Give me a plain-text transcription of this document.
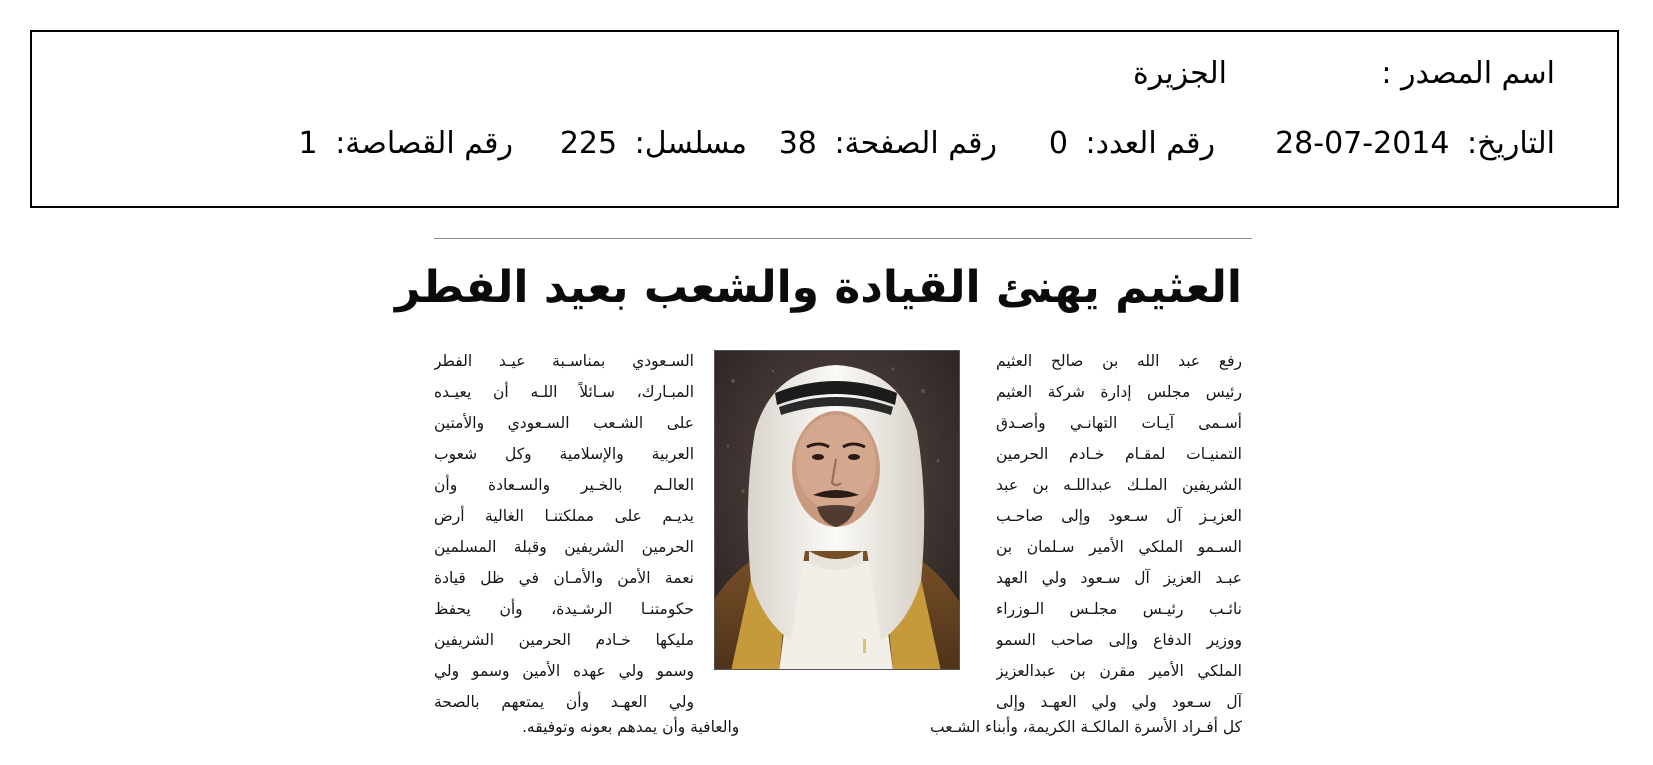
اسم المصدر :
الجزيرة
التاريخ: 2014-07-28
رقم العدد: 0
رقم الصفحة: 38
مسلسل: 225
رقم القصاصة: 1
العثيم يهنئ القيادة والشعب بعيد الفطر
رفع عبد الله بن صالح العثيم
رئيس مجلس إدارة شركة العثيم
أسـمى آيـات التهانـي وأصـدق
التمنيـات لمقـام خـادم الحرمين
الشريفين الملـك عبداللـه بن عبد
العزيـز آل سـعود وإلى صاحـب
السـمو الملكي الأمير سـلمان بن
عبـد العزيز آل سـعود ولي العهد
نائـب رئيـس مجلـس الـوزراء
ووزير الدفاع وإلى صاحب السمو
الملكي الأمير مقرن بن عبدالعزيز
آل سـعود ولي ولي العهـد وإلى
السـعودي بمناسـبة عيـد الفطر
المبـارك، سـائلاً اللـه أن يعيـده
على الشـعب السـعودي والأمتين
العربية والإسلامية وكل شعوب
العالـم بالخـير والسـعادة وأن
يديـم على مملكتنـا الغالية أرض
الحرمين الشريفين وقبلة المسلمين
نعمة الأمن والأمـان في ظل قيادة
حكومتنـا الرشـيدة، وأن يحفظ
مليكها خـادم الحرمين الشريفين
وسمو ولي عهده الأمين وسمو ولي
ولي العهـد وأن يمتعهم بالصحة
كل أفـراد الأسرة المالكـة الكريمة، وأبناء الشـعب
والعافية وأن يمدهم بعونه وتوفيقه.
